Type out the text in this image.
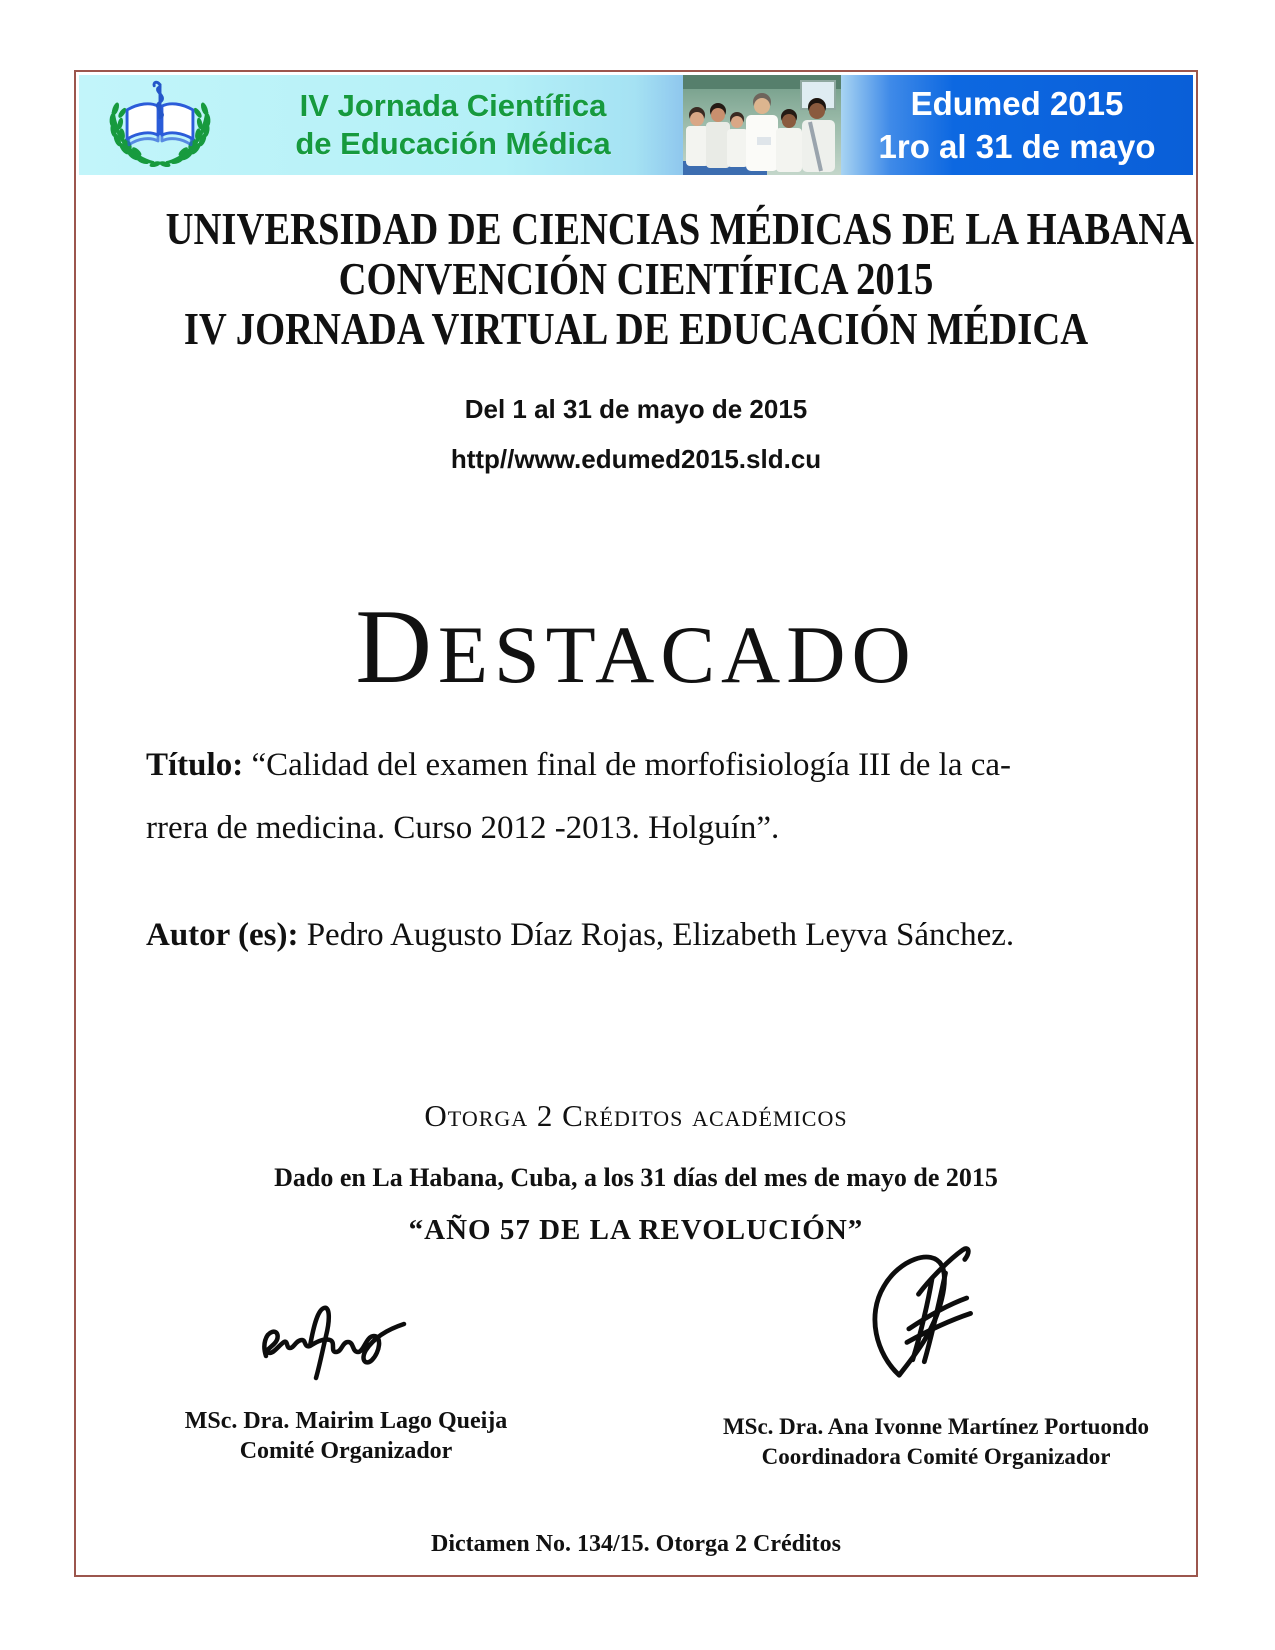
IV Jornada Científica
de Educación Médica
Edumed 2015
1ro al 31 de mayo
UNIVERSIDAD DE CIENCIAS MÉDICAS DE LA HABANA
CONVENCIÓN CIENTÍFICA 2015
IV JORNADA VIRTUAL DE EDUCACIÓN MÉDICA
Del 1 al 31 de mayo de 2015
http//www.edumed2015.sld.cu
DESTACADO
Título: “Calidad del examen final de morfofisiología III de la ca-
rrera de medicina. Curso 2012 -2013. Holguín”.
Autor (es): Pedro Augusto Díaz Rojas, Elizabeth Leyva Sánchez.
Otorga 2 Créditos académicos
Dado en La Habana, Cuba, a los 31 días del mes de mayo de 2015
“AÑO 57 DE LA REVOLUCIÓN”
MSc. Dra. Mairim Lago Queija
Comité Organizador
MSc. Dra. Ana Ivonne Martínez Portuondo
Coordinadora Comité Organizador
Dictamen No. 134/15. Otorga 2 Créditos
